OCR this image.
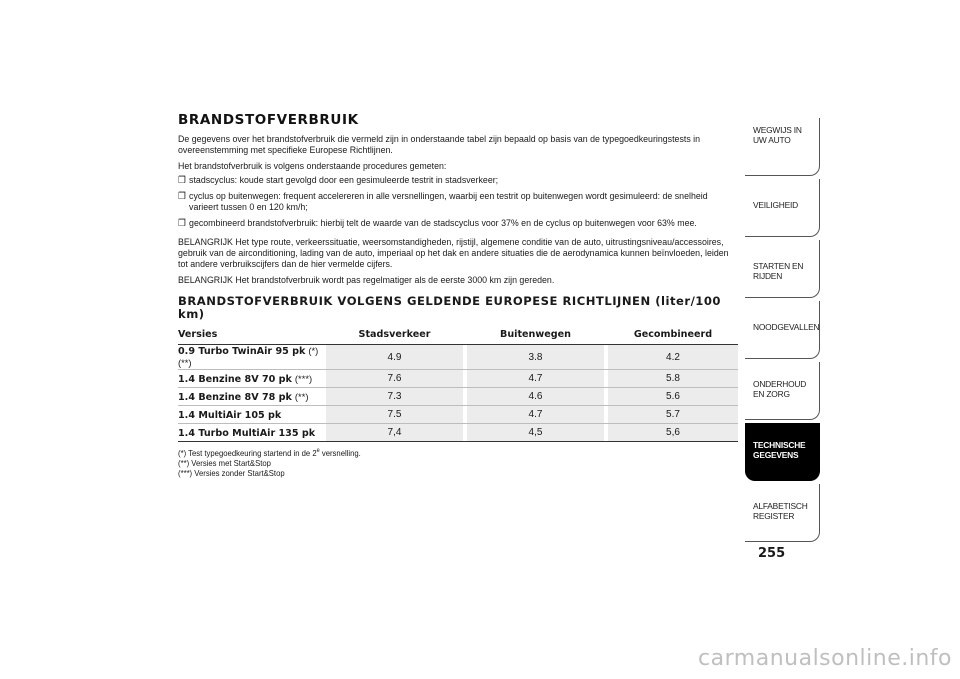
BRANDSTOFVERBRUIK

De gegevens over het brandstofverbruik die vermeld zijn in onderstaande tabel zijn bepaald op basis van de typegoedkeuringstests in overeenstemming met specifieke Europese Richtlijnen.

Het brandstofverbruik is volgens onderstaande procedures gemeten:

❒ stadscyclus: koude start gevolgd door een gesimuleerde testrit in stadsverkeer;
❒ cyclus op buitenwegen: frequent accelereren in alle versnellingen, waarbij een testrit op buitenwegen wordt gesimuleerd: de snelheid varieert tussen 0 en 120 km/h;
❒ gecombineerd brandstofverbruik: hierbij telt de waarde van de stadscyclus voor 37% en de cyclus op buitenwegen voor 63% mee.

BELANGRIJK Het type route, verkeerssituatie, weersomstandigheden, rijstijl, algemene conditie van de auto, uitrustingsniveau/accessoires, gebruik van de airconditioning, lading van de auto, imperiaal op het dak en andere situaties die de aerodynamica kunnen beïnvloeden, leiden tot andere verbruikscijfers dan de hier vermelde cijfers.

BELANGRIJK Het brandstofverbruik wordt pas regelmatiger als de eerste 3000 km zijn gereden.

BRANDSTOFVERBRUIK VOLGENS GELDENDE EUROPESE RICHTLIJNEN (liter/100 km)
Versies	Stadsverkeer		Buitenwegen		Gecombineerd
0.9 Turbo TwinAir 95 pk (*) (**)	4.9		3.8		4.2
1.4 Benzine 8V 70 pk (***)	7.6		4.7		5.8
1.4 Benzine 8V 78 pk (**)	7.3		4.6		5.6
1.4 MultiAir 105 pk	7.5		4.7		5.7
1.4 Turbo MultiAir 135 pk	7,4		4,5		5,6
(*) Test typegoedkeuring startend in de 2e versnelling.
(**) Versies met Start&Stop
(***) Versies zonder Start&Stop
WEGWIJS IN UW AUTO
VEILIGHEID
STARTEN EN RIJDEN
NOODGEVALLEN
ONDERHOUD EN ZORG
TECHNISCHE GEGEVENS
ALFABETISCH REGISTER
255
carmanualsonline.info
